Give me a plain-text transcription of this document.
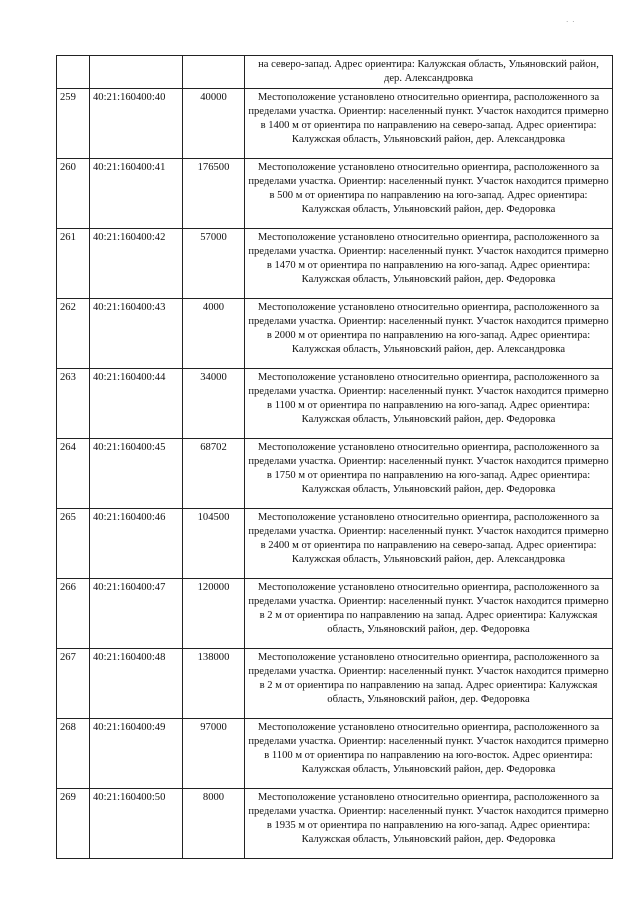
· ·
			на северо-запад. Адрес ориентира: Калужская область, Ульяновский район, дер. Александровка
259	40:21:160400:40	40000	Местоположение установлено относительно ориентира, расположенного за пределами участка. Ориентир: населенный пункт. Участок находится примерно в 1400 м от ориентира по направлению на северо-запад. Адрес ориентира: Калужская область, Ульяновский район, дер. Александровка
260	40:21:160400:41	176500	Местоположение установлено относительно ориентира, расположенного за пределами участка. Ориентир: населенный пункт. Участок находится примерно в 500 м от ориентира по направлению на юго-запад. Адрес ориентира: Калужская область, Ульяновский район, дер. Федоровка
261	40:21:160400:42	57000	Местоположение установлено относительно ориентира, расположенного за пределами участка. Ориентир: населенный пункт. Участок находится примерно в 1470 м от ориентира по направлению на юго-запад. Адрес ориентира: Калужская область, Ульяновский район, дер. Федоровка
262	40:21:160400:43	4000	Местоположение установлено относительно ориентира, расположенного за пределами участка. Ориентир: населенный пункт. Участок находится примерно в 2000 м от ориентира по направлению на юго-запад. Адрес ориентира: Калужская область, Ульяновский район, дер. Александровка
263	40:21:160400:44	34000	Местоположение установлено относительно ориентира, расположенного за пределами участка. Ориентир: населенный пункт. Участок находится примерно в 1100 м от ориентира по направлению на юго-запад. Адрес ориентира: Калужская область, Ульяновский район, дер. Федоровка
264	40:21:160400:45	68702	Местоположение установлено относительно ориентира, расположенного за пределами участка. Ориентир: населенный пункт. Участок находится примерно в 1750 м от ориентира по направлению на юго-запад. Адрес ориентира: Калужская область, Ульяновский район, дер. Федоровка
265	40:21:160400:46	104500	Местоположение установлено относительно ориентира, расположенного за пределами участка. Ориентир: населенный пункт. Участок находится примерно в 2400 м от ориентира по направлению на северо-запад. Адрес ориентира: Калужская область, Ульяновский район, дер. Александровка
266	40:21:160400:47	120000	Местоположение установлено относительно ориентира, расположенного за пределами участка. Ориентир: населенный пункт. Участок находится примерно в 2 м от ориентира по направлению на запад. Адрес ориентира: Калужская область, Ульяновский район, дер. Федоровка
267	40:21:160400:48	138000	Местоположение установлено относительно ориентира, расположенного за пределами участка. Ориентир: населенный пункт. Участок находится примерно в 2 м от ориентира по направлению на запад. Адрес ориентира: Калужская область, Ульяновский район, дер. Федоровка
268	40:21:160400:49	97000	Местоположение установлено относительно ориентира, расположенного за пределами участка. Ориентир: населенный пункт. Участок находится примерно в 1100 м от ориентира по направлению на юго-восток. Адрес ориентира: Калужская область, Ульяновский район, дер. Федоровка
269	40:21:160400:50	8000	Местоположение установлено относительно ориентира, расположенного за пределами участка. Ориентир: населенный пункт. Участок находится примерно в 1935 м от ориентира по направлению на юго-запад. Адрес ориентира: Калужская область, Ульяновский район, дер. Федоровка
